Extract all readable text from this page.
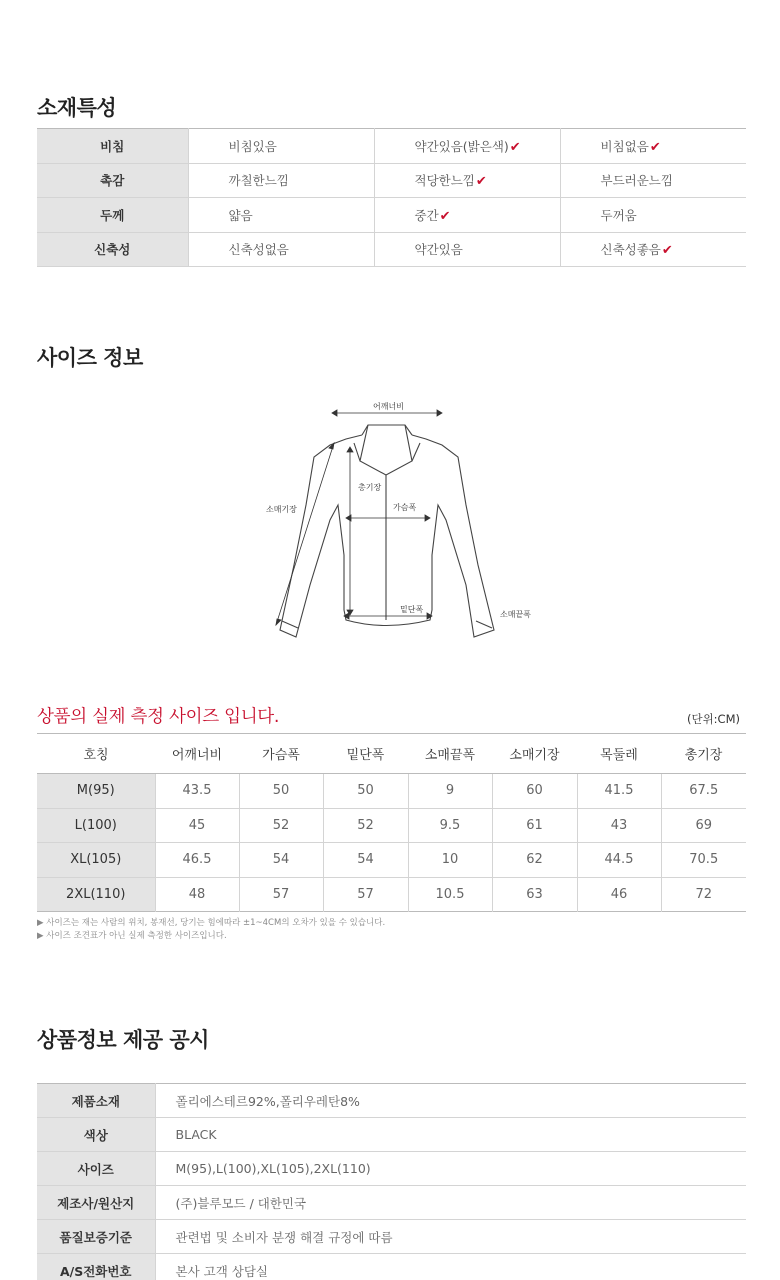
소재특성
비침	비침있음	약간있음(밝은색)✔	비침없음✔
촉감	까칠한느낌	적당한느낌✔	부드러운느낌
두께	얇음	중간✔	두꺼움
신축성	신축성없음	약간있음	신축성좋음✔
사이즈 정보
어깨너비
총기장
가슴폭
소매기장
밑단폭
소매끝폭
상품의 실제 측정 사이즈 입니다.	(단위:CM)
호칭	어깨너비	가슴폭	밑단폭	소매끝폭	소매기장	목둘레	총기장
M(95)	43.5	50	50	9	60	41.5	67.5
L(100)	45	52	52	9.5	61	43	69
XL(105)	46.5	54	54	10	62	44.5	70.5
2XL(110)	48	57	57	10.5	63	46	72
▶ 사이즈는 재는 사람의 위치, 봉재선, 당기는 힘에따라 ±1~4CM의 오차가 있을 수 있습니다.
▶ 사이즈 조견표가 아닌 실제 측정한 사이즈입니다.
상품정보 제공 공시
제품소재	폴리에스테르92%,폴리우레탄8%
색상	BLACK
사이즈	M(95),L(100),XL(105),2XL(110)
제조사/원산지	(주)블루모드 / 대한민국
품질보증기준	관련법 및 소비자 분쟁 해결 규정에 따름
A/S전화번호	본사 고객 상담실
